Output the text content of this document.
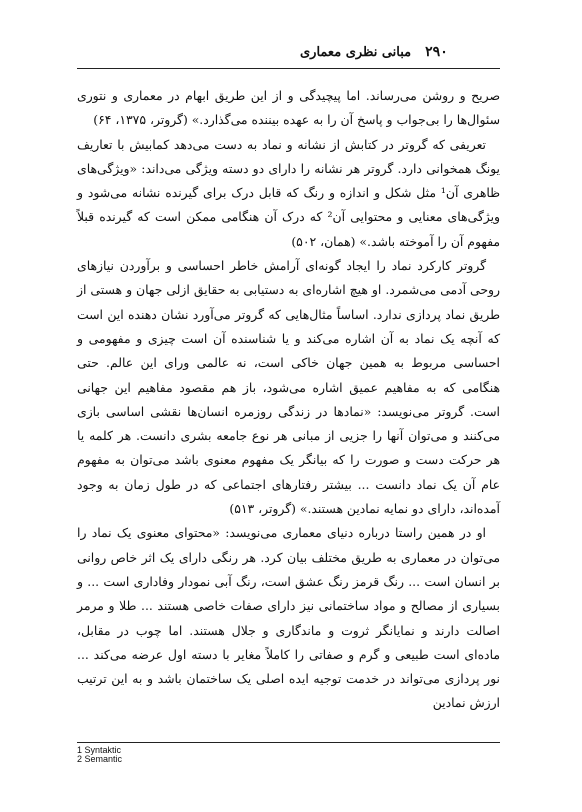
۲۹۰
مبانی نظری معماری

صریح و روشن می‌رساند. اما پیچیدگی و از این طریق ابهام در معماری و نتوری سئوال‌ها را بی‌جواب و پاسخ آن را به عهده بیننده می‌گذارد.» (گروتر، ۱۳۷۵، ۶۴)

تعریفی که گروتر در کتابش از نشانه و نماد به دست می‌دهد کمابیش با تعاریف یونگ همخوانی دارد. گروتر هر نشانه را دارای دو دسته ویژگی می‌داند: «ویژگی‌های ظاهری آن¹ مثل شکل و اندازه و رنگ که قابل درک برای گیرنده نشانه می‌شود و ویژگی‌های معنایی و محتوایی آن² که درک آن هنگامی ممکن است که گیرنده قبلاً مفهوم آن را آموخته باشد.» (همان، ۵۰۲)

گروتر کارکرد نماد را ایجاد گونه‌ای آرامش خاطر احساسی و برآوردن نیازهای روحی آدمی می‌شمرد. او هیچ اشاره‌ای به دستیابی به حقایق ازلی جهان و هستی از طریق نماد پردازی ندارد. اساساً مثال‌هایی که گروتر می‌آورد نشان دهنده این است که آنچه یک نماد به آن اشاره می‌کند و یا شناسنده آن است چیزی و مفهومی و احساسی مربوط به همین جهان خاکی است، نه عالمی ورای این عالم. حتی هنگامی که به مفاهیم عمیق اشاره می‌شود، باز هم مقصود مفاهیم این جهانی است. گروتر می‌نویسد: «نمادها در زندگی روزمره انسان‌ها نقشی اساسی بازی می‌کنند و می‌توان آنها را جزیی از مبانی هر نوع جامعه بشری دانست. هر کلمه یا هر حرکت دست و صورت را که بیانگر یک مفهوم معنوی باشد می‌توان به مفهوم عام آن یک نماد دانست ... بیشتر رفتارهای اجتماعی که در طول زمان به وجود آمده‌اند، دارای دو نمایه نمادین هستند.» (گروتر، ۵۱۳)

او در همین راستا درباره دنیای معماری می‌نویسد: «محتوای معنوی یک نماد را می‌توان در معماری به طریق مختلف بیان کرد. هر رنگی دارای یک اثر خاص روانی بر انسان است ... رنگ قرمز رنگ عشق است، رنگ آبی نمودار وفاداری است ... و بسیاری از مصالح و مواد ساختمانی نیز دارای صفات خاصی هستند ... طلا و مرمر اصالت دارند و نمایانگر ثروت و ماندگاری و جلال هستند. اما چوب در مقابل، ماده‌ای است طبیعی و گرم و صفاتی را کاملاً مغایر با دسته اول عرضه می‌کند ... نور پردازی می‌تواند در خدمت توجیه ایده اصلی یک ساختمان باشد و به این ترتیب ارزش نمادین

1 Syntaktic
2 Semantic
